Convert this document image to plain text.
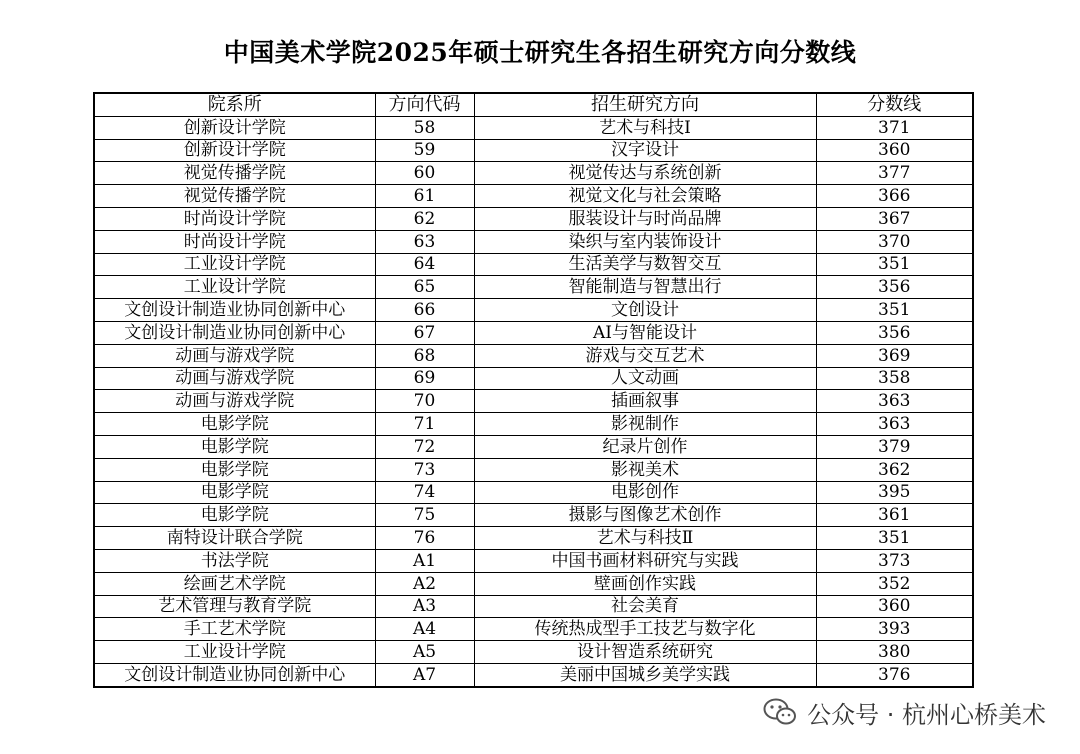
中国美术学院2025年硕士研究生各招生研究方向分数线
院系所	方向代码	招生研究方向	分数线
创新设计学院	58	艺术与科技Ⅰ	371
创新设计学院	59	汉字设计	360
视觉传播学院	60	视觉传达与系统创新	377
视觉传播学院	61	视觉文化与社会策略	366
时尚设计学院	62	服装设计与时尚品牌	367
时尚设计学院	63	染织与室内装饰设计	370
工业设计学院	64	生活美学与数智交互	351
工业设计学院	65	智能制造与智慧出行	356
文创设计制造业协同创新中心	66	文创设计	351
文创设计制造业协同创新中心	67	AI与智能设计	356
动画与游戏学院	68	游戏与交互艺术	369
动画与游戏学院	69	人文动画	358
动画与游戏学院	70	插画叙事	363
电影学院	71	影视制作	363
电影学院	72	纪录片创作	379
电影学院	73	影视美术	362
电影学院	74	电影创作	395
电影学院	75	摄影与图像艺术创作	361
南特设计联合学院	76	艺术与科技Ⅱ	351
书法学院	A1	中国书画材料研究与实践	373
绘画艺术学院	A2	壁画创作实践	352
艺术管理与教育学院	A3	社会美育	360
手工艺术学院	A4	传统热成型手工技艺与数字化	393
工业设计学院	A5	设计智造系统研究	380
文创设计制造业协同创新中心	A7	美丽中国城乡美学实践	376
公众号 · 杭州心桥美术
